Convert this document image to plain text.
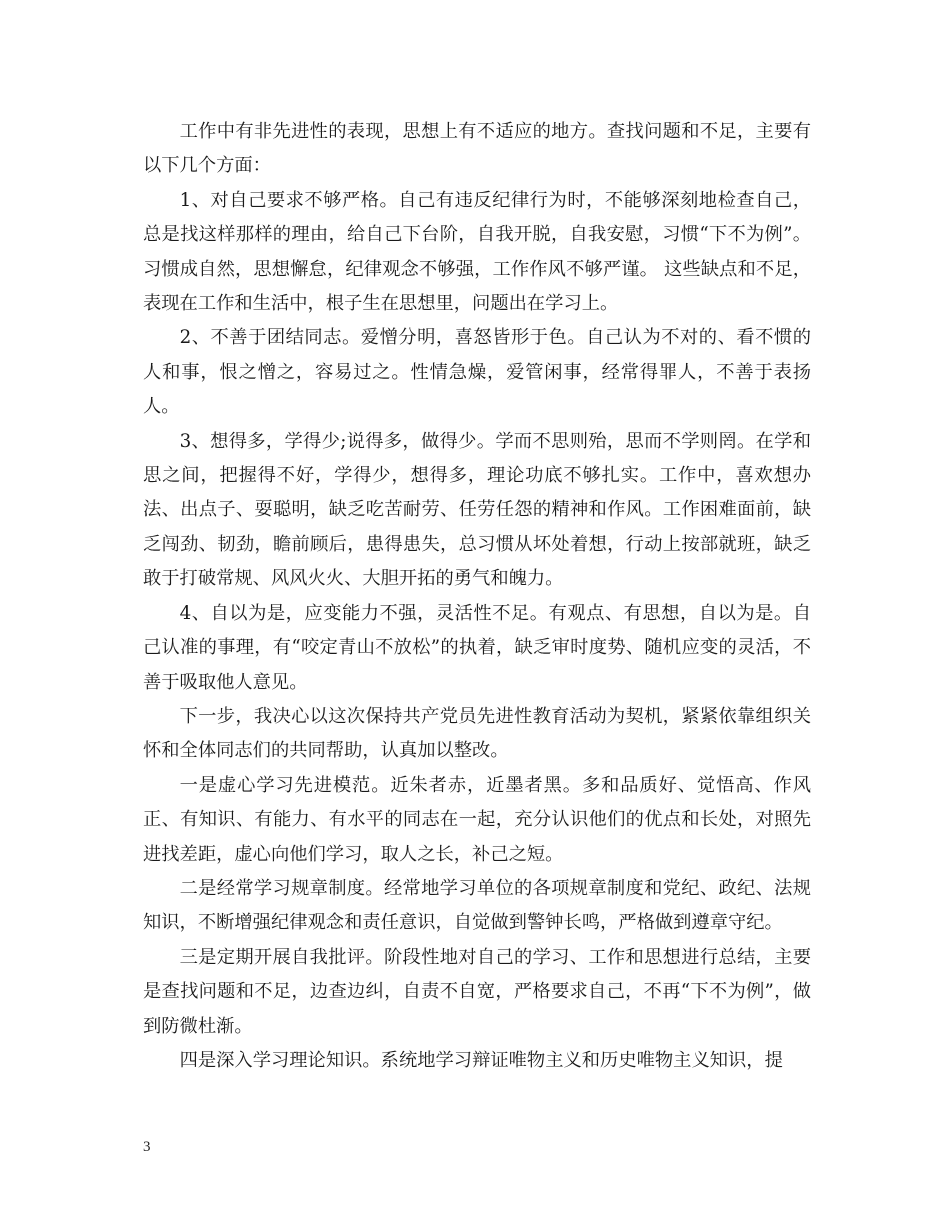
工作中有非先进性的表现，思想上有不适应的地方。查找问题和不足，主要有以下几个方面：

1、对自己要求不够严格。自己有违反纪律行为时，不能够深刻地检查自己，总是找这样那样的理由，给自己下台阶，自我开脱，自我安慰，习惯“下不为例”。习惯成自然，思想懈怠，纪律观念不够强，工作作风不够严谨。 这些缺点和不足，表现在工作和生活中，根子生在思想里，问题出在学习上。

2、不善于团结同志。爱憎分明，喜怒皆形于色。自己认为不对的、看不惯的人和事，恨之憎之，容易过之。性情急燥，爱管闲事，经常得罪人，不善于表扬人。

3、想得多，学得少;说得多，做得少。学而不思则殆，思而不学则罔。在学和思之间，把握得不好，学得少，想得多，理论功底不够扎实。工作中，喜欢想办法、出点子、耍聪明，缺乏吃苦耐劳、任劳任怨的精神和作风。工作困难面前，缺乏闯劲、韧劲，瞻前顾后，患得患失，总习惯从坏处着想，行动上按部就班，缺乏敢于打破常规、风风火火、大胆开拓的勇气和魄力。

4、自以为是，应变能力不强，灵活性不足。有观点、有思想，自以为是。自己认准的事理，有“咬定青山不放松”的执着，缺乏审时度势、随机应变的灵活，不善于吸取他人意见。

下一步，我决心以这次保持共产党员先进性教育活动为契机，紧紧依靠组织关怀和全体同志们的共同帮助，认真加以整改。

一是虚心学习先进模范。近朱者赤，近墨者黑。多和品质好、觉悟高、作风正、有知识、有能力、有水平的同志在一起，充分认识他们的优点和长处，对照先进找差距，虚心向他们学习，取人之长，补己之短。

二是经常学习规章制度。经常地学习单位的各项规章制度和党纪、政纪、法规知识，不断增强纪律观念和责任意识，自觉做到警钟长鸣，严格做到遵章守纪。

三是定期开展自我批评。阶段性地对自己的学习、工作和思想进行总结，主要是查找问题和不足，边查边纠，自责不自宽，严格要求自己，不再“下不为例”，做到防微杜渐。

四是深入学习理论知识。系统地学习辩证唯物主义和历史唯物主义知识，提

3
